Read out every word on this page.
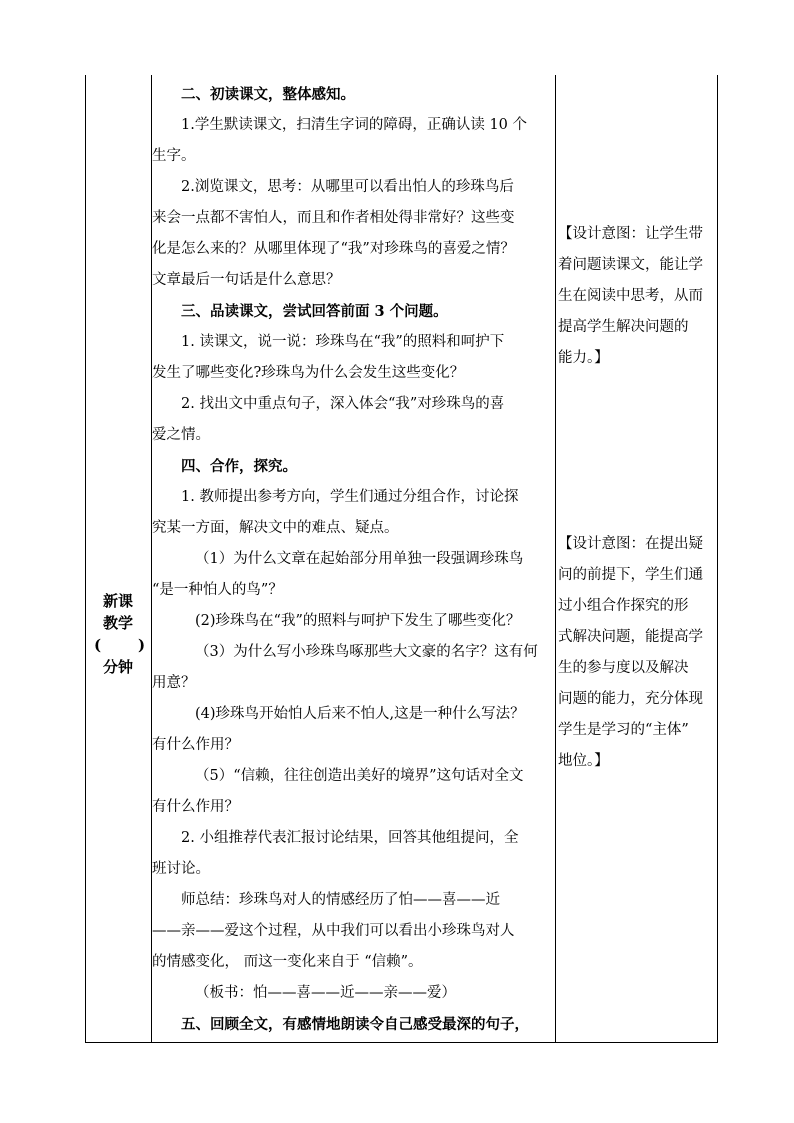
新课
教学
( )
分钟

二、初读课文，整体感知。

1.学生默读课文，扫清生字词的障碍，正确认读 10 个

生字。

2.浏览课文，思考：从哪里可以看出怕人的珍珠鸟后

来会一点都不害怕人，而且和作者相处得非常好？这些变

化是怎么来的？从哪里体现了“我”对珍珠鸟的喜爱之情？

文章最后一句话是什么意思？

三、品读课文，尝试回答前面 3 个问题。

1. 读课文，说一说：珍珠鸟在“我”的照料和呵护下

发生了哪些变化?珍珠鸟为什么会发生这些变化？

2. 找出文中重点句子，深入体会“我”对珍珠鸟的喜

爱之情。

四、合作，探究。

1. 教师提出参考方向，学生们通过分组合作，讨论探

究某一方面，解决文中的难点、疑点。

（1）为什么文章在起始部分用单独一段强调珍珠鸟

“是一种怕人的鸟”？

(2)珍珠鸟在“我”的照料与呵护下发生了哪些变化？

（3）为什么写小珍珠鸟啄那些大文豪的名字？这有何

用意？

(4)珍珠鸟开始怕人后来不怕人,这是一种什么写法？

有什么作用？

（5）“信赖，往往创造出美好的境界”这句话对全文

有什么作用？

2. 小组推荐代表汇报讨论结果，回答其他组提问，全

班讨论。

师总结：珍珠鸟对人的情感经历了怕——喜——近

——亲——爱这个过程，从中我们可以看出小珍珠鸟对人

的情感变化， 而这一变化来自于 “信赖”。

（板书：怕——喜——近——亲——爱）

五、回顾全文，有感情地朗读令自己感受最深的句子，

【设计意图：让学生带

着问题读课文，能让学

生在阅读中思考，从而

提高学生解决问题的

能力。】

【设计意图：在提出疑

问的前提下，学生们通

过小组合作探究的形

式解决问题，能提高学

生的参与度以及解决

问题的能力，充分体现

学生是学习的“主体”

地位。】
